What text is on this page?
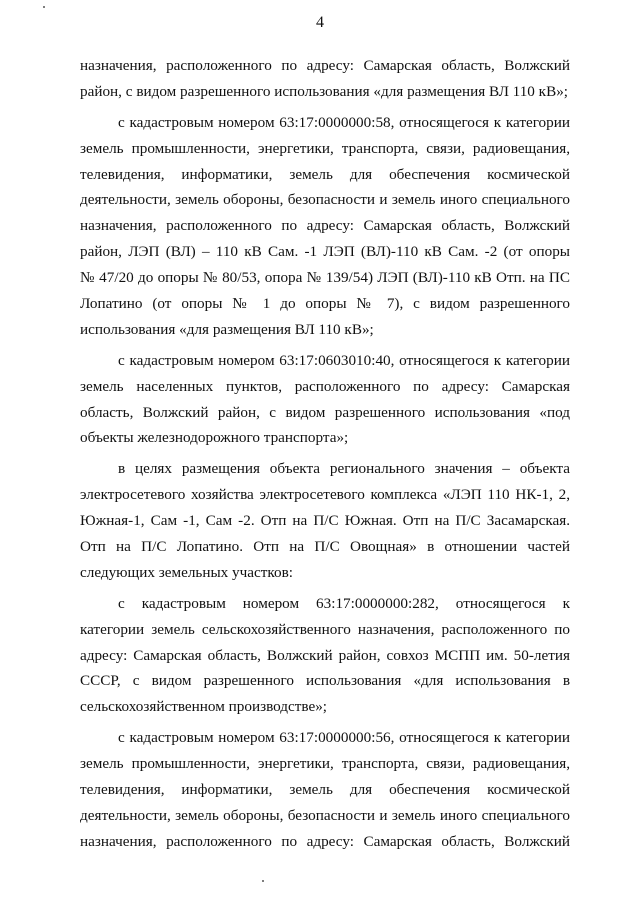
4
назначения, расположенного по адресу: Самарская область, Волжский
район, с видом разрешенного использования «для размещения ВЛ 110 кВ»;
с кадастровым номером 63:17:0000000:58, относящегося к категории
земель промышленности, энергетики, транспорта, связи, радиовещания,
телевидения, информатики, земель для обеспечения космической
деятельности, земель обороны, безопасности и земель иного специального
назначения, расположенного по адресу: Самарская область, Волжский
район, ЛЭП (ВЛ) – 110 кВ Сам. -1 ЛЭП (ВЛ)-110 кВ Сам. -2 (от опоры
№ 47/20 до опоры № 80/53, опора № 139/54) ЛЭП (ВЛ)-110 кВ Отп. на ПС
Лопатино (от опоры № 1 до опоры № 7), с видом разрешенного
использования «для размещения ВЛ 110 кВ»;
с кадастровым номером 63:17:0603010:40, относящегося к категории
земель населенных пунктов, расположенного по адресу: Самарская
область, Волжский район, с видом разрешенного использования «под
объекты железнодорожного транспорта»;
в целях размещения объекта регионального значения – объекта
электросетевого хозяйства электросетевого комплекса «ЛЭП 110 НК-1, 2,
Южная-1, Сам -1, Сам -2. Отп на П/С Южная. Отп на П/С Засамарская.
Отп на П/С Лопатино. Отп на П/С Овощная» в отношении частей
следующих земельных участков:
с кадастровым номером 63:17:0000000:282, относящегося к
категории земель сельскохозяйственного назначения, расположенного по
адресу: Самарская область, Волжский район, совхоз МСПП им. 50-летия
СССР, с видом разрешенного использования «для использования в
сельскохозяйственном производстве»;
с кадастровым номером 63:17:0000000:56, относящегося к категории
земель промышленности, энергетики, транспорта, связи, радиовещания,
телевидения, информатики, земель для обеспечения космической
деятельности, земель обороны, безопасности и земель иного специального
назначения, расположенного по адресу: Самарская область, Волжский
